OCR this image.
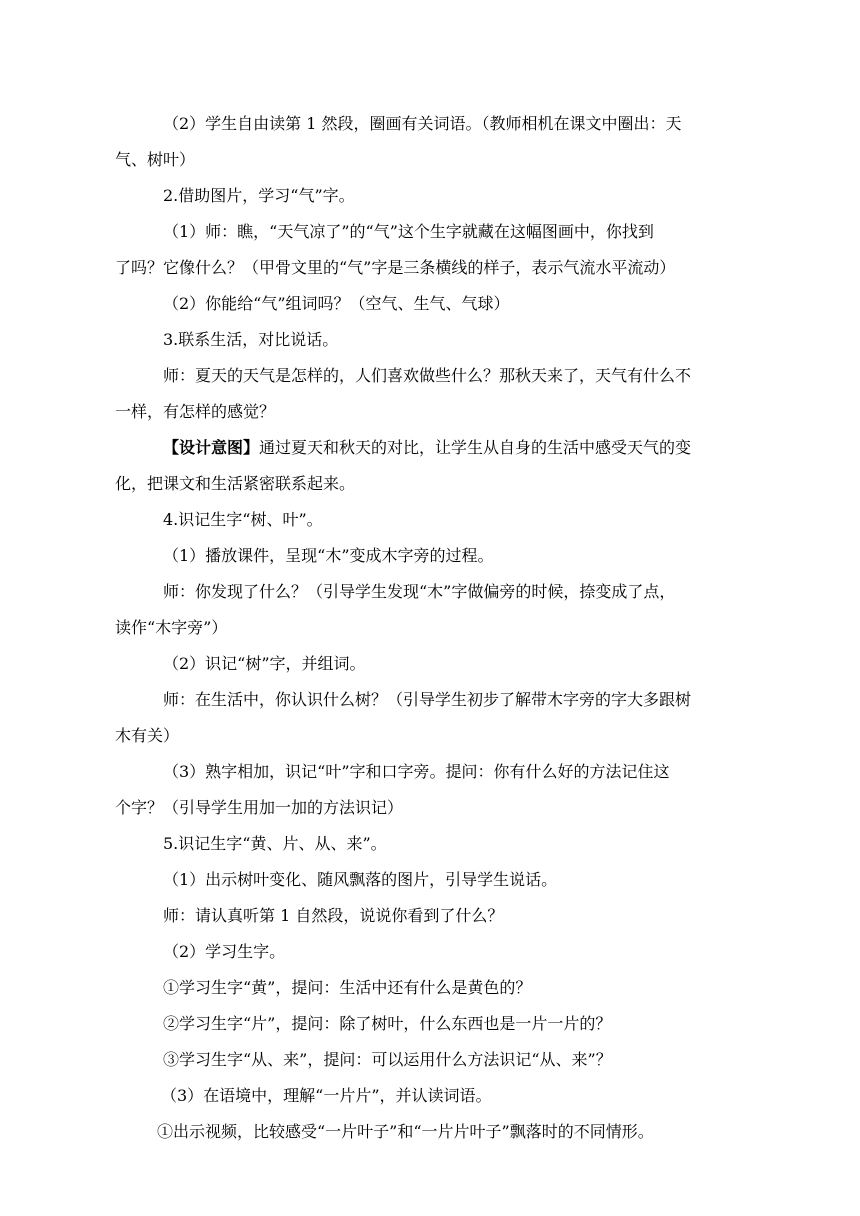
（2）学生自由读第 1 然段，圈画有关词语。（教师相机在课文中圈出：天
气、树叶）

2.借助图片，学习“气”字。

（1）师：瞧，“天气凉了”的“气”这个生字就藏在这幅图画中，你找到
了吗？它像什么？（甲骨文里的“气”字是三条横线的样子，表示气流水平流动）

（2）你能给“气”组词吗？（空气、生气、气球）

3.联系生活，对比说话。

师：夏天的天气是怎样的，人们喜欢做些什么？那秋天来了，天气有什么不
一样，有怎样的感觉？

【设计意图】通过夏天和秋天的对比，让学生从自身的生活中感受天气的变
化，把课文和生活紧密联系起来。

4.识记生字“树、叶”。

（1）播放课件，呈现“木”变成木字旁的过程。

师：你发现了什么？（引导学生发现“木”字做偏旁的时候，捺变成了点，
读作“木字旁”）

（2）识记“树”字，并组词。

师：在生活中，你认识什么树？（引导学生初步了解带木字旁的字大多跟树
木有关）

（3）熟字相加，识记“叶”字和口字旁。提问：你有什么好的方法记住这
个字？（引导学生用加一加的方法识记）

5.识记生字“黄、片、从、来”。

（1）出示树叶变化、随风飘落的图片，引导学生说话。

师：请认真听第 1 自然段，说说你看到了什么？

（2）学习生字。

①学习生字“黄”，提问：生活中还有什么是黄色的？

②学习生字“片”，提问：除了树叶，什么东西也是一片一片的？

③学习生字“从、来”，提问：可以运用什么方法识记“从、来”？

（3）在语境中，理解“一片片”，并认读词语。

①出示视频，比较感受“一片叶子”和“一片片叶子”飘落时的不同情形。
